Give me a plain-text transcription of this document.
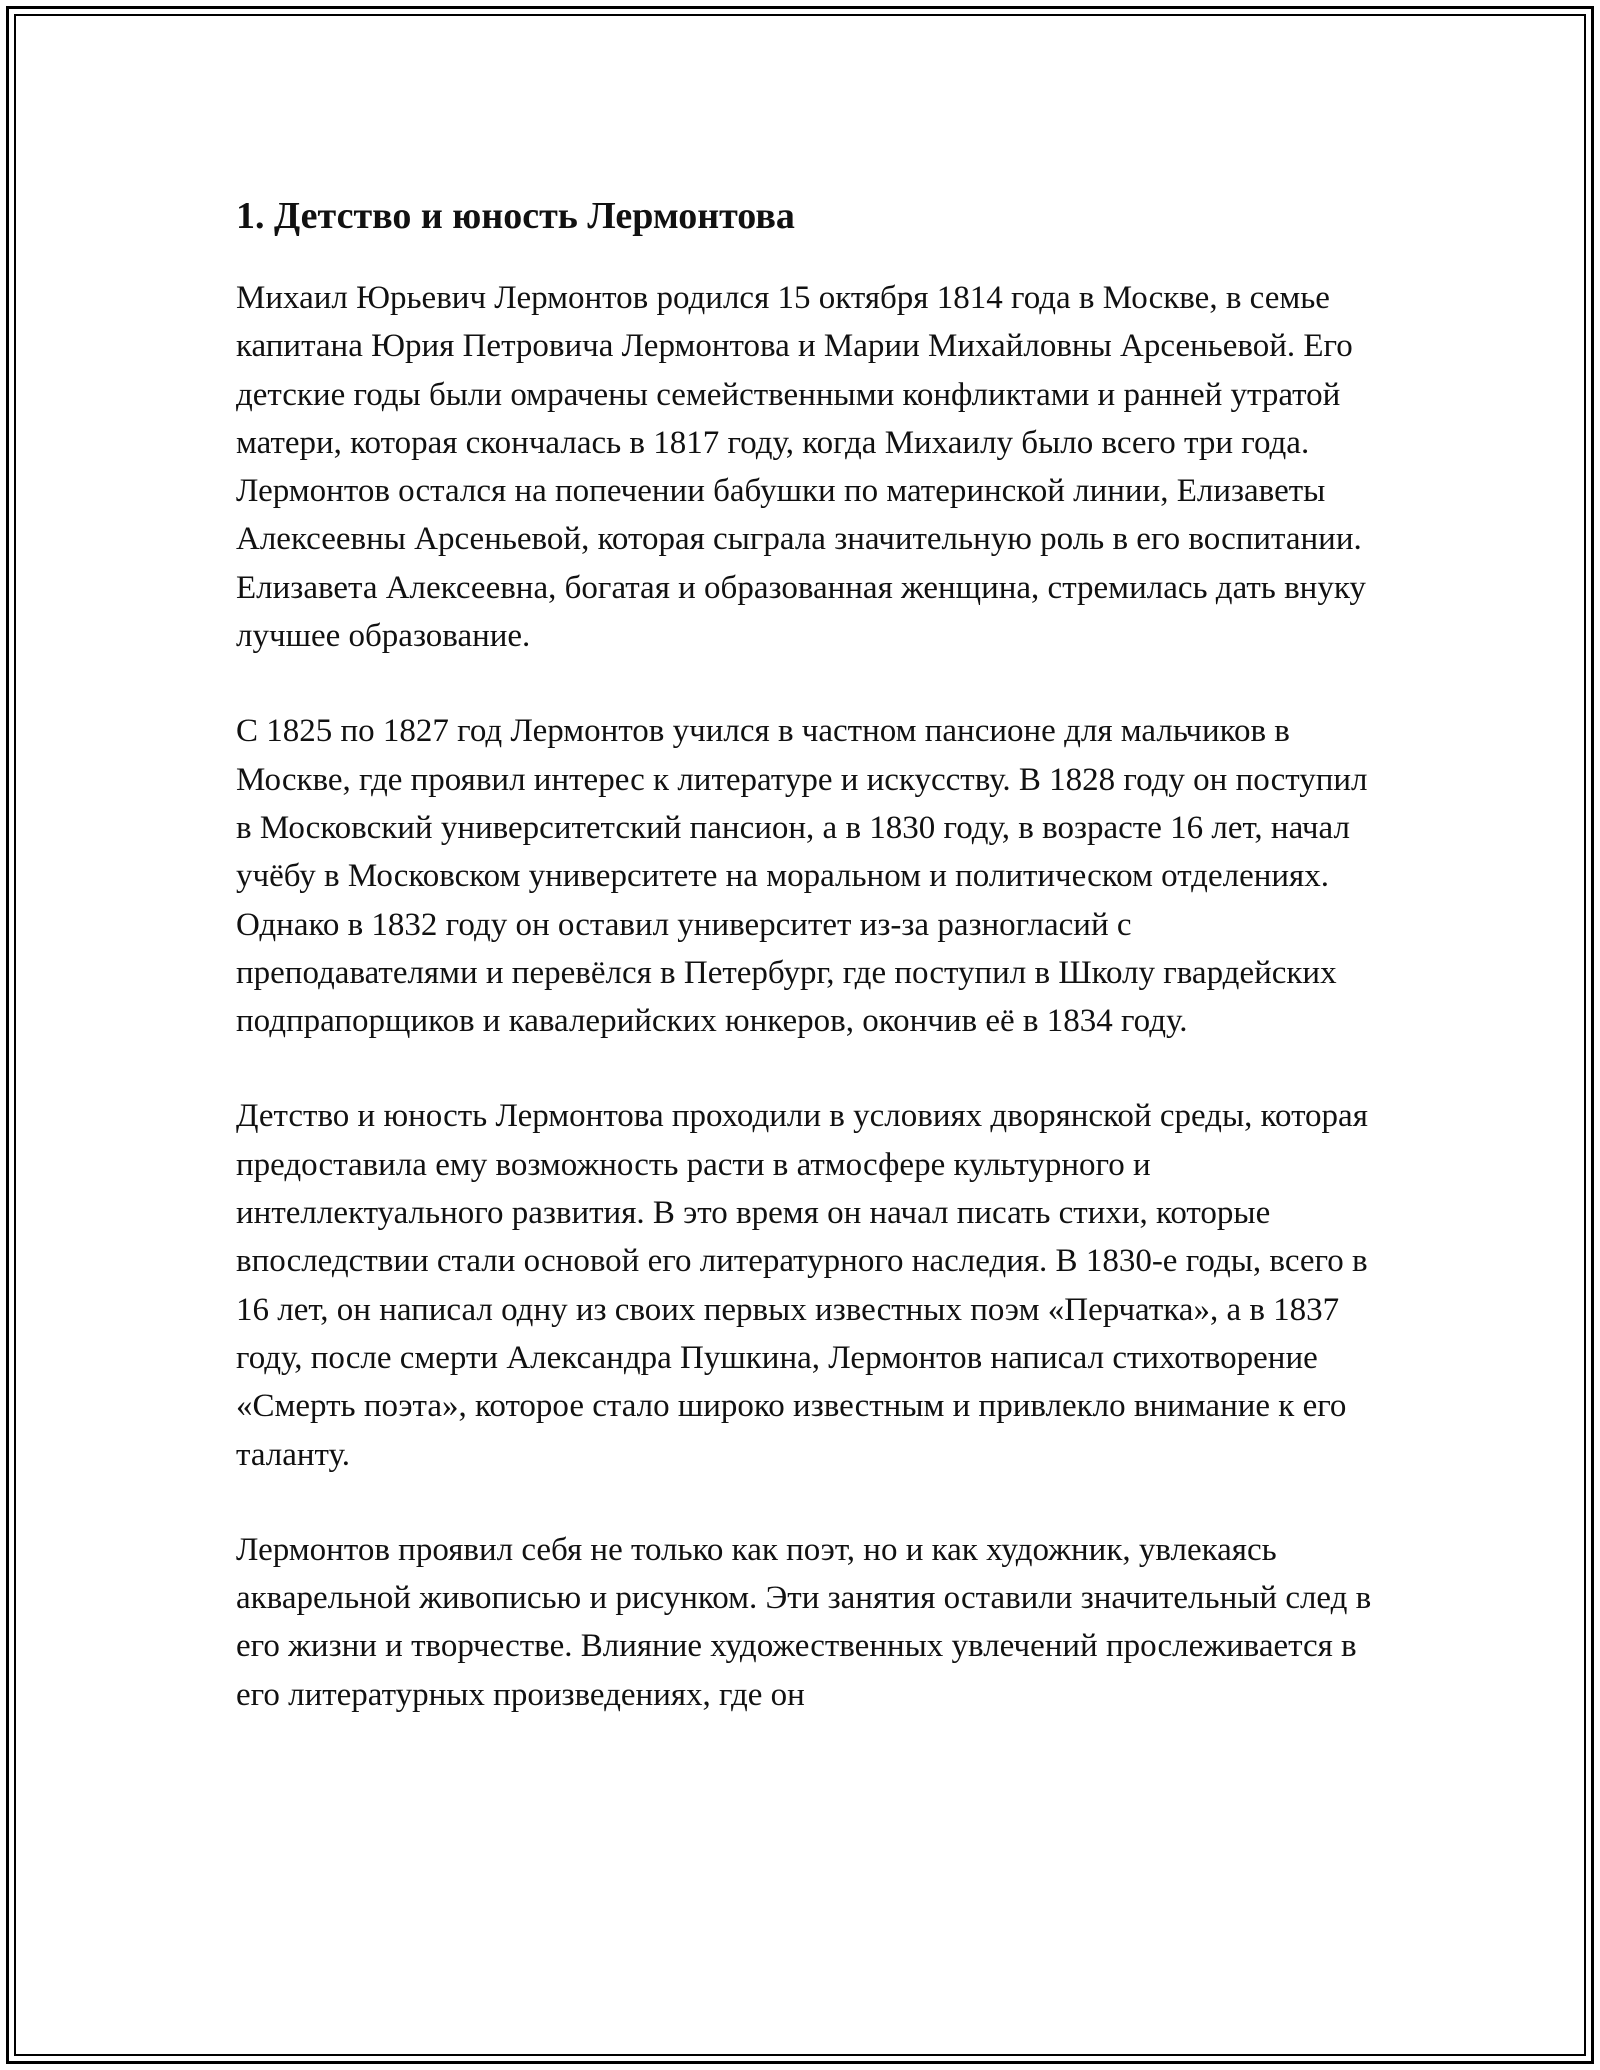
1. Детство и юность Лермонтова

Михаил Юрьевич Лермонтов родился 15 октября 1814 года в Москве, в семье капитана Юрия Петровича Лермонтова и Марии Михайловны Арсеньевой. Его детские годы были омрачены семейственными конфликтами и ранней утратой матери, которая скончалась в 1817 году, когда Михаилу было всего три года. Лермонтов остался на попечении бабушки по материнской линии, Елизаветы Алексеевны Арсеньевой, которая сыграла значительную роль в его воспитании. Елизавета Алексеевна, богатая и образованная женщина, стремилась дать внуку лучшее образование.

С 1825 по 1827 год Лермонтов учился в частном пансионе для мальчиков в Москве, где проявил интерес к литературе и искусству. В 1828 году он поступил в Московский университетский пансион, а в 1830 году, в возрасте 16 лет, начал учёбу в Московском университете на моральном и политическом отделениях. Однако в 1832 году он оставил университет из-за разногласий с преподавателями и перевёлся в Петербург, где поступил в Школу гвардейских подпрапорщиков и кавалерийских юнкеров, окончив её в 1834 году.

Детство и юность Лермонтова проходили в условиях дворянской среды, которая предоставила ему возможность расти в атмосфере культурного и интеллектуального развития. В это время он начал писать стихи, которые впоследствии стали основой его литературного наследия. В 1830-е годы, всего в 16 лет, он написал одну из своих первых известных поэм «Перчатка», а в 1837 году, после смерти Александра Пушкина, Лермонтов написал стихотворение «Смерть поэта», которое стало широко известным и привлекло внимание к его таланту.

Лермонтов проявил себя не только как поэт, но и как художник, увлекаясь акварельной живописью и рисунком. Эти занятия оставили значительный след в его жизни и творчестве. Влияние художественных увлечений прослеживается в его литературных произведениях, где он
